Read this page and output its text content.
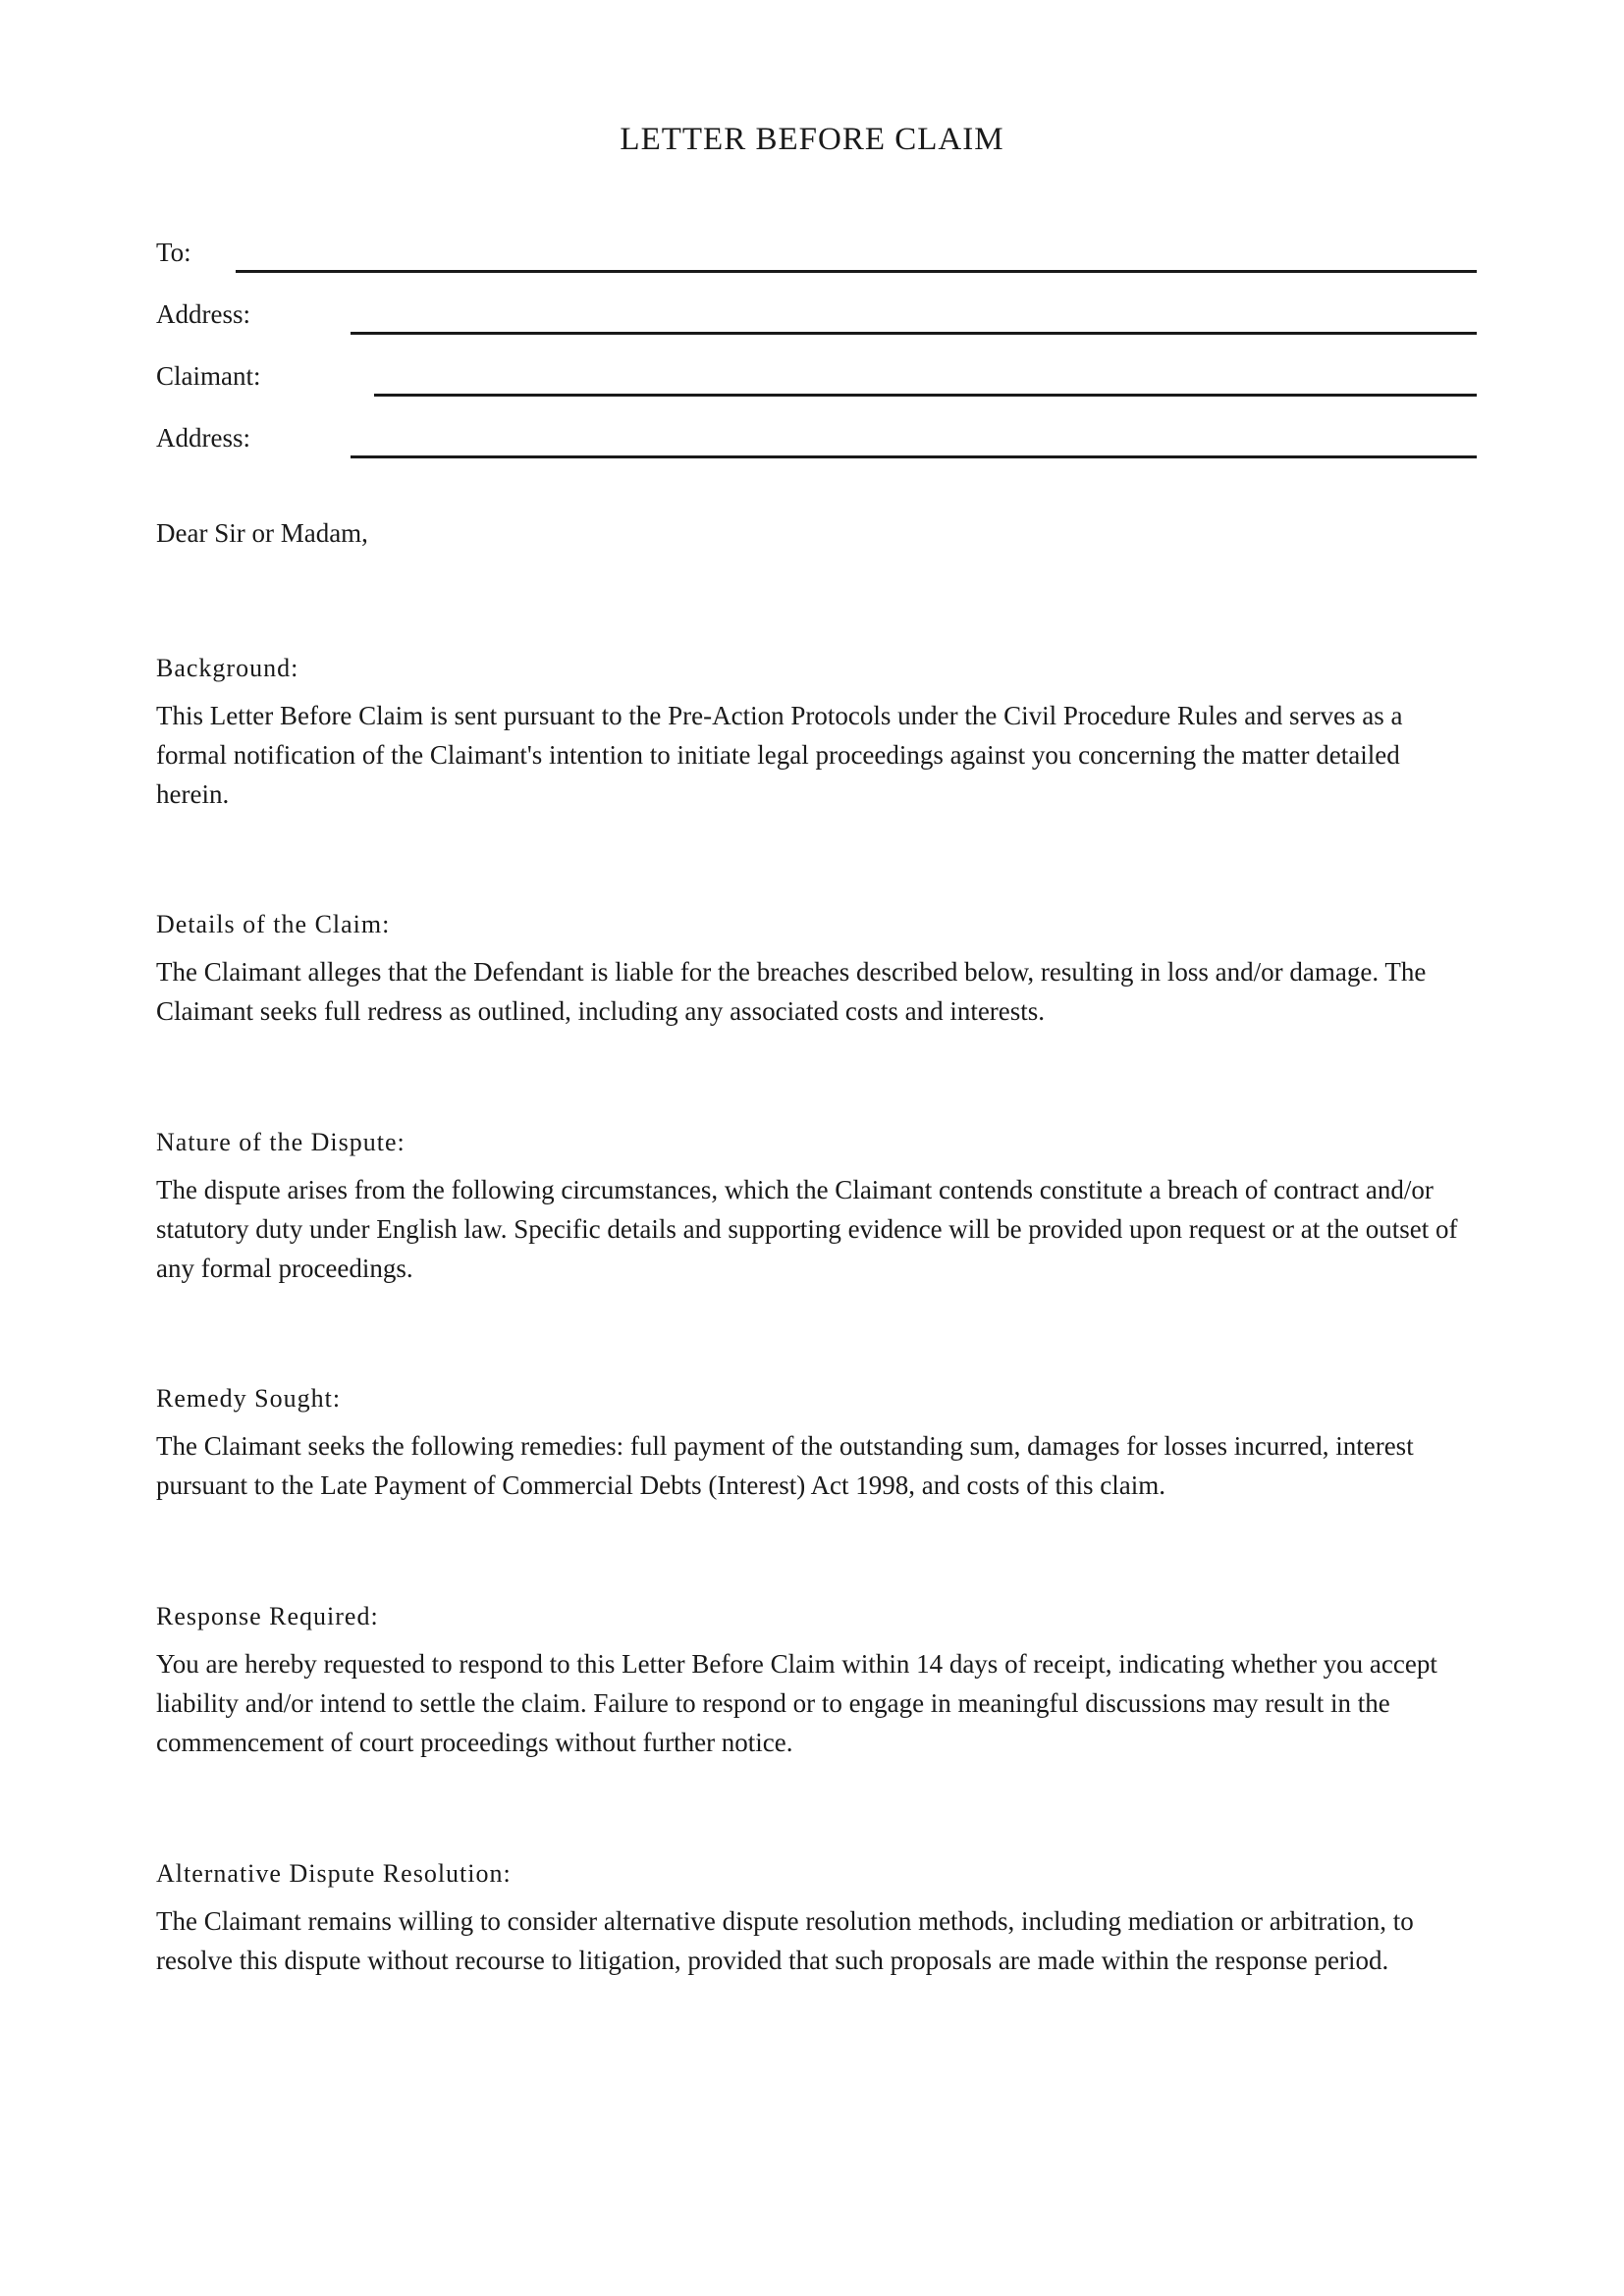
LETTER BEFORE CLAIM
To:
Address:
Claimant:
Address:
Dear Sir or Madam,
Background:

This Letter Before Claim is sent pursuant to the Pre-Action Protocols under the Civil Procedure Rules and serves as a formal notification of the Claimant's intention to initiate legal proceedings against you concerning the matter detailed herein.

Details of the Claim:

The Claimant alleges that the Defendant is liable for the breaches described below, resulting in loss and/or damage. The Claimant seeks full redress as outlined, including any associated costs and interests.

Nature of the Dispute:

The dispute arises from the following circumstances, which the Claimant contends constitute a breach of contract and/or statutory duty under English law. Specific details and supporting evidence will be provided upon request or at the outset of any formal proceedings.

Remedy Sought:

The Claimant seeks the following remedies: full payment of the outstanding sum, damages for losses incurred, interest pursuant to the Late Payment of Commercial Debts (Interest) Act 1998, and costs of this claim.

Response Required:

You are hereby requested to respond to this Letter Before Claim within 14 days of receipt, indicating whether you accept liability and/or intend to settle the claim. Failure to respond or to engage in meaningful discussions may result in the commencement of court proceedings without further notice.

Alternative Dispute Resolution:

The Claimant remains willing to consider alternative dispute resolution methods, including mediation or arbitration, to resolve this dispute without recourse to litigation, provided that such proposals are made within the response period.
